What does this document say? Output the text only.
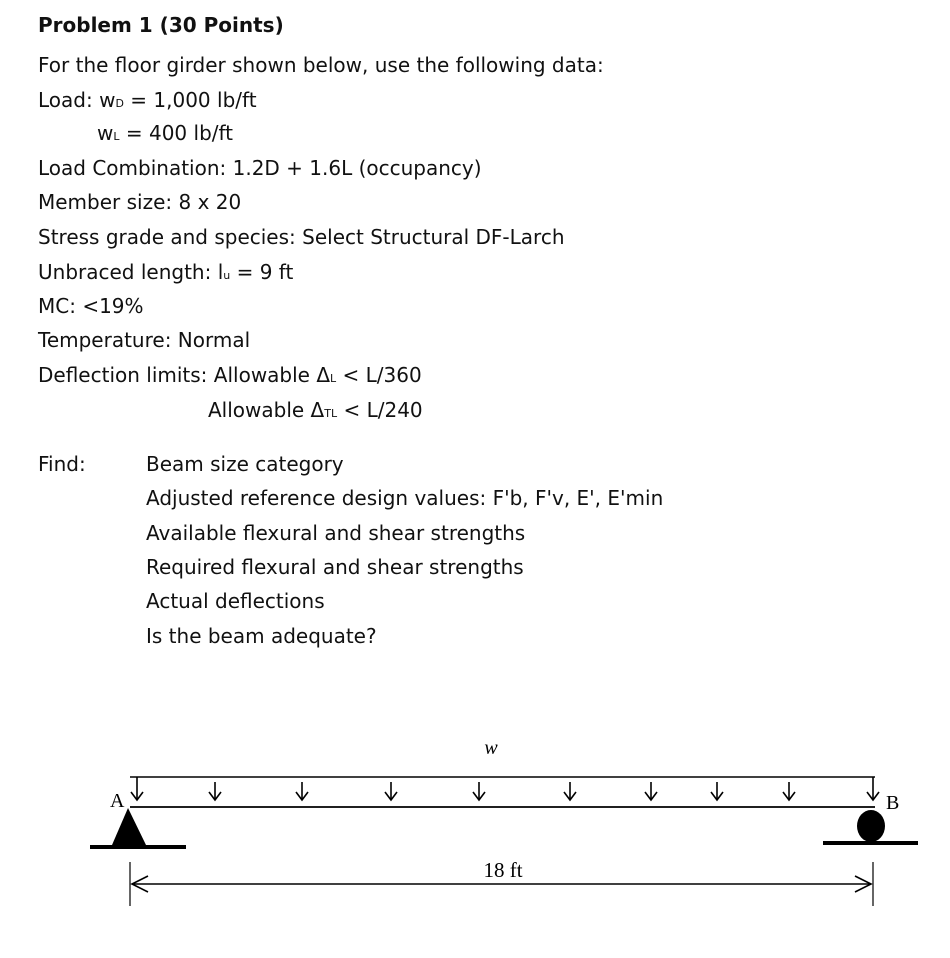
Problem 1 (30 Points)
For the floor girder shown below, use the following data:
Load: wD = 1,000 lb/ft
wL = 400 lb/ft
Load Combination: 1.2D + 1.6L (occupancy)
Member size: 8 x 20
Stress grade and species: Select Structural DF-Larch
Unbraced length: lu = 9 ft
MC: <19%
Temperature: Normal
Deflection limits: Allowable ΔL < L/360
Allowable ΔTL < L/240
Find:	Beam size category
Adjusted reference design values: F'b, F'v, E', E'min
Available flexural and shear strengths
Required flexural and shear strengths
Actual deflections
Is the beam adequate?
w
A	B
18 ft
